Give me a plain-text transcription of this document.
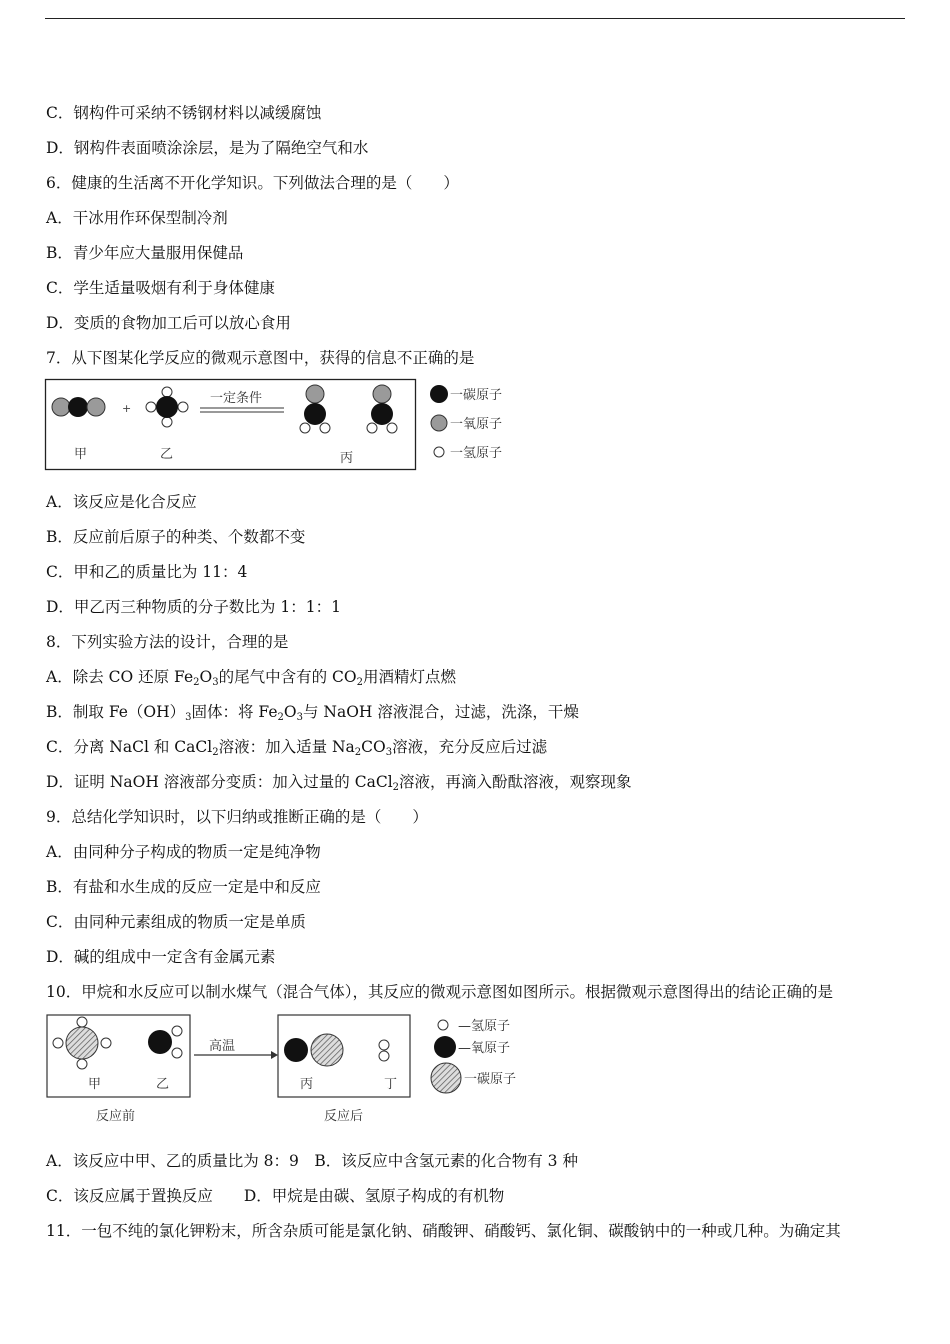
C．钢构件可采纳不锈钢材料以减缓腐蚀
D．钢构件表面喷涂涂层，是为了隔绝空气和水
6．健康的生活离不开化学知识。下列做法合理的是（　　）
A．干冰用作环保型制冷剂
B．青少年应大量服用保健品
C．学生适量吸烟有利于身体健康
D．变质的食物加工后可以放心食用
7．从下图某化学反应的微观示意图中，获得的信息不正确的是
+
一定条件
甲	乙	丙
一碳原子
一氧原子
一氢原子
A．该反应是化合反应
B．反应前后原子的种类、个数都不变
C．甲和乙的质量比为 11：4
D．甲乙丙三种物质的分子数比为 1：1：1
8．下列实验方法的设计，合理的是
A．除去 CO 还原 $Fe_2O_3$的尾气中含有的 $CO_2$用酒精灯点燃
B．制取 $Fe(OH)_3$固体：将 $Fe_2O_3$与 NaOH 溶液混合，过滤，洗涤，干燥
C．分离 NaCl 和 CaCl$_2$溶液：加入适量 $Na_2CO_3$溶液，充分反应后过滤
D．证明 NaOH 溶液部分变质：加入过量的 CaCl$_2$溶液，再滴入酚酞溶液，观察现象
9．总结化学知识时，以下归纳或推断正确的是（　　）
A．由同种分子构成的物质一定是纯净物
B．有盐和水生成的反应一定是中和反应
C．由同种元素组成的物质一定是单质
D．碱的组成中一定含有金属元素
10．甲烷和水反应可以制水煤气（混合气体），其反应的微观示意图如图所示。根据微观示意图得出的结论正确的是
甲	乙
高温
丙	丁
反应前	反应后
—氢原子
—氧原子
一碳原子
A．该反应中甲、乙的质量比为 8：9　B．该反应中含氢元素的化合物有 3 种
C．该反应属于置换反应　　D．甲烷是由碳、氢原子构成的有机物
11．一包不纯的氯化钾粉末，所含杂质可能是氯化钠、硝酸钾、硝酸钙、氯化铜、碳酸钠中的一种或几种。为确定其
